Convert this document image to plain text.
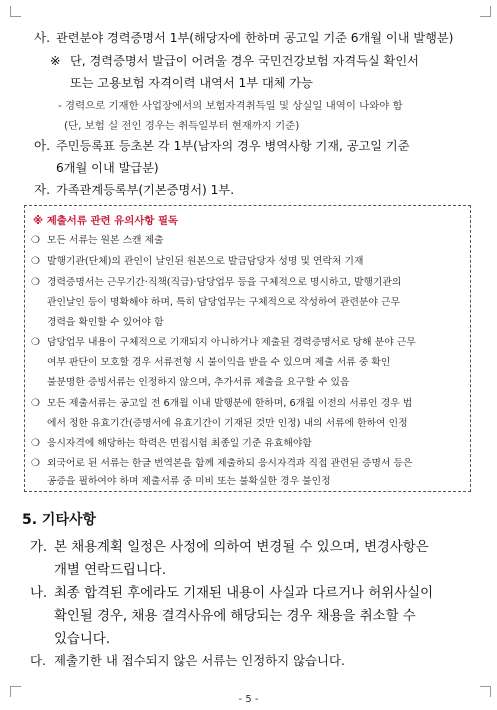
사. 관련분야 경력증명서 1부(해당자에 한하며 공고일 기준 6개월 이내 발행분)
※ 단, 경력증명서 발급이 어려울 경우 국민건강보험 자격득실 확인서
또는 고용보험 자격이력 내역서 1부 대체 가능
- 경력으로 기재한 사업장에서의 보험자격취득일 및 상실일 내역이 나와야 함
(단, 보험 실 전인 경우는 취득일부터 현재까지 기준)
아. 주민등록표 등초본 각 1부(남자의 경우 병역사항 기재, 공고일 기준
6개월 이내 발급분)
자. 가족관계등록부(기본증명서) 1부.
※ 제출서류 관련 유의사항 필독
❍ 모든 서류는 원본 스캔 제출
❍ 발행기관(단체)의 관인이 날인된 원본으로 발급담당자 성명 및 연락처 기재
❍ 경력증명서는 근무기간·직책(직급)·담당업무 등을 구체적으로 명시하고, 발행기관의
관인날인 등이 명확해야 하며, 특히 담당업무는 구체적으로 작성하여 관련분야 근무
경력을 확인할 수 있어야 함
❍ 담당업무 내용이 구체적으로 기재되지 아니하거나 제출된 경력증명서로 당해 분야 근무
여부 판단이 모호할 경우 서류전형 시 불이익을 받을 수 있으며 제출 서류 중 확인
불분명한 증빙서류는 인정하지 않으며, 추가서류 제출을 요구할 수 있음
❍ 모든 제출서류는 공고일 전 6개월 이내 발행분에 한하며, 6개월 이전의 서류인 경우 법
에서 정한 유효기간(증명서에 유효기간이 기재된 것만 인정) 내의 서류에 한하여 인정
❍ 응시자격에 해당하는 학력은 면접시험 최종일 기준 유효해야함
❍ 외국어로 된 서류는 한글 번역본을 함께 제출하되 응시자격과 직접 관련된 증명서 등은
공증을 필하여야 하며 제출서류 중 미비 또는 불확실한 경우 불인정
5. 기타사항
가. 본 채용계획 일정은 사정에 의하여 변경될 수 있으며, 변경사항은
개별 연락드립니다.
나. 최종 합격된 후에라도 기재된 내용이 사실과 다르거나 허위사실이
확인될 경우, 채용 결격사유에 해당되는 경우 채용을 취소할 수
있습니다.
다. 제출기한 내 접수되지 않은 서류는 인정하지 않습니다.
- 5 -
